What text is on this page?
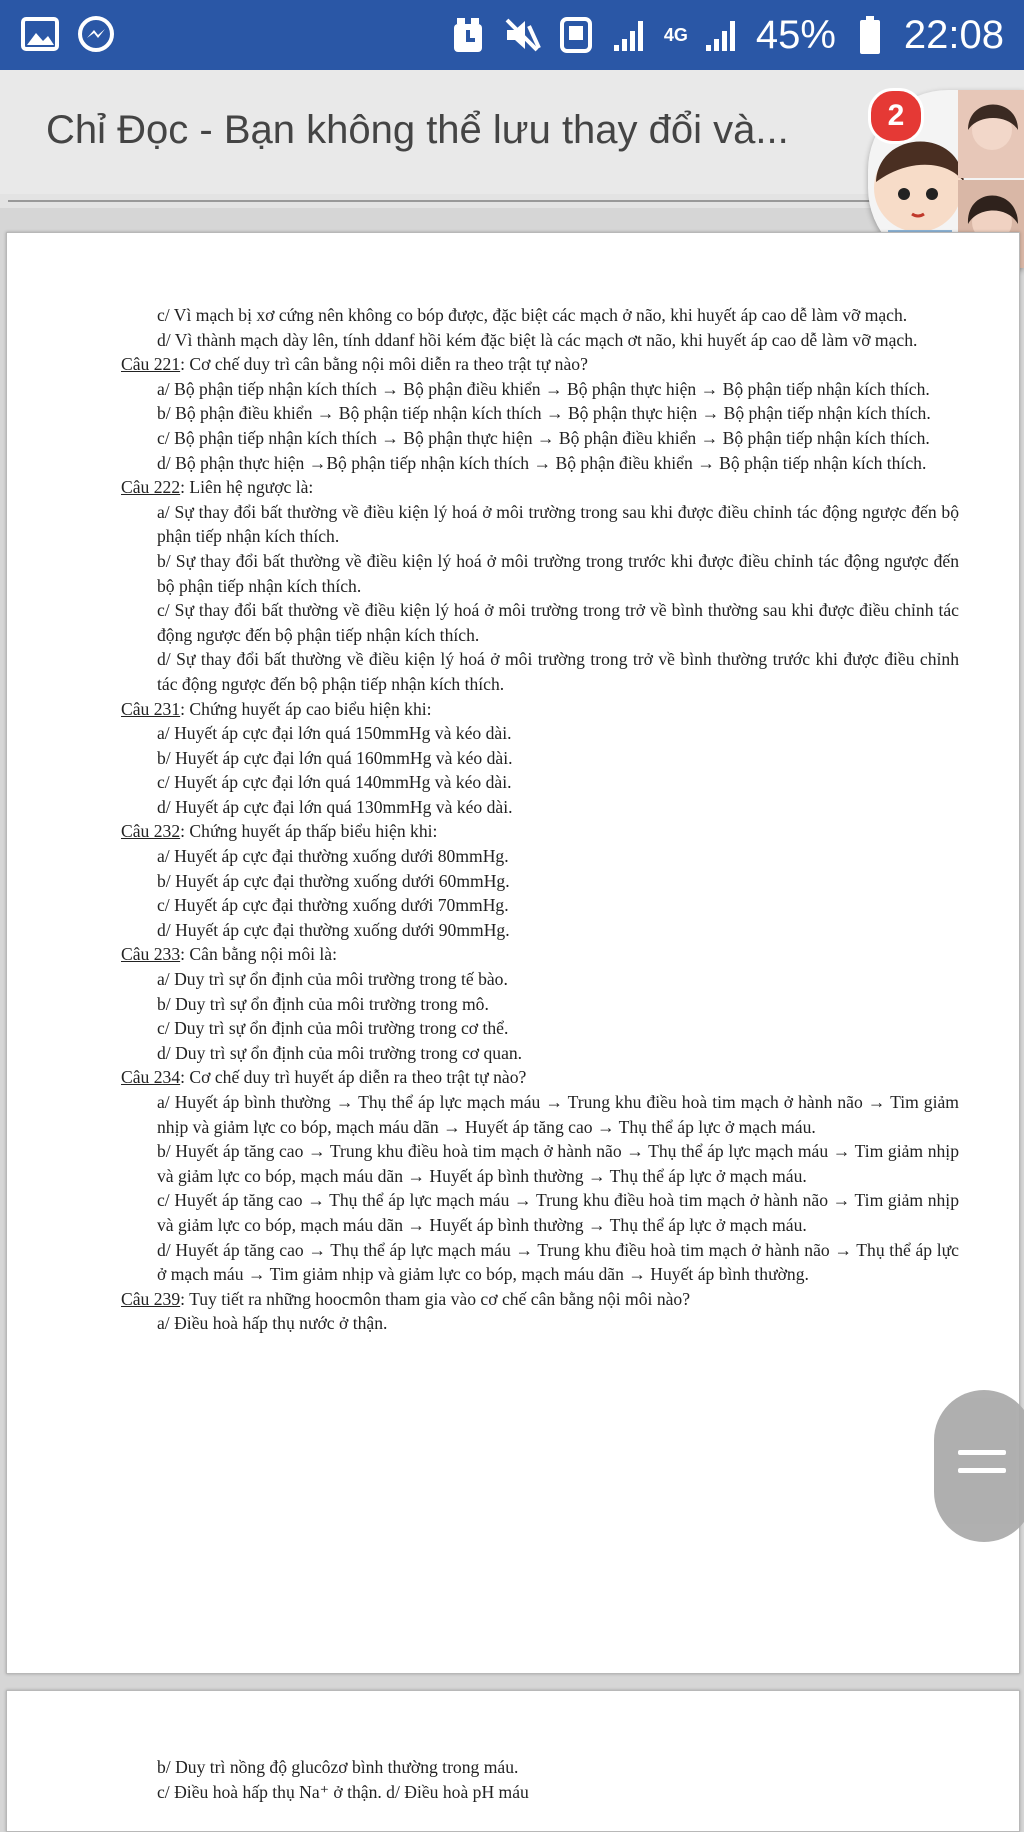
4G 45% 22:08
Chỉ Đọc - Bạn không thể lưu thay đổi và...	2

c/ Vì mạch bị xơ cứng nên không co bóp được, đặc biệt các mạch ở não, khi huyết áp cao dễ làm vỡ mạch.

d/ Vì thành mạch dày lên, tính ddanf hồi kém đặc biệt là các mạch ơt não, khi huyết áp cao dễ làm vỡ mạch.

Câu 221: Cơ chế duy trì cân bằng nội môi diễn ra theo trật tự nào?

a/ Bộ phận tiếp nhận kích thích → Bộ phận điều khiển → Bộ phận thực hiện → Bộ phận tiếp nhận kích thích.

b/ Bộ phận điều khiển → Bộ phận tiếp nhận kích thích → Bộ phận thực hiện → Bộ phận tiếp nhận kích thích.

c/ Bộ phận tiếp nhận kích thích → Bộ phận thực hiện → Bộ phận điều khiển → Bộ phận tiếp nhận kích thích.

d/ Bộ phận thực hiện →Bộ phận tiếp nhận kích thích → Bộ phận điều khiển → Bộ phận tiếp nhận kích thích.

Câu 222: Liên hệ ngược là:

a/ Sự thay đổi bất thường về điều kiện lý hoá ở môi trường trong sau khi được điều chỉnh tác động ngược đến bộ phận tiếp nhận kích thích.

b/ Sự thay đổi bất thường về điều kiện lý hoá ở môi trường trong trước khi được điều chỉnh tác động ngược đến bộ phận tiếp nhận kích thích.

c/ Sự thay đổi bất thường về điều kiện lý hoá ở môi trường trong trở về bình thường sau khi được điều chỉnh tác động ngược đến bộ phận tiếp nhận kích thích.

d/ Sự thay đổi bất thường về điều kiện lý hoá ở môi trường trong trở về bình thường trước khi được điều chỉnh tác động ngược đến bộ phận tiếp nhận kích thích.

Câu 231: Chứng huyết áp cao biểu hiện khi:

a/ Huyết áp cực đại lớn quá 150mmHg và kéo dài.

b/ Huyết áp cực đại lớn quá 160mmHg và kéo dài.

c/ Huyết áp cực đại lớn quá 140mmHg và kéo dài.

d/ Huyết áp cực đại lớn quá 130mmHg và kéo dài.

Câu 232: Chứng huyết áp thấp biểu hiện khi:

a/ Huyết áp cực đại thường xuống dưới 80mmHg.

b/ Huyết áp cực đại thường xuống dưới 60mmHg.

c/ Huyết áp cực đại thường xuống dưới 70mmHg.

d/ Huyết áp cực đại thường xuống dưới 90mmHg.

Câu 233: Cân bằng nội môi là:

a/ Duy trì sự ổn định của môi trường trong tế bào.

b/ Duy trì sự ổn định của môi trường trong mô.

c/ Duy trì sự ổn định của môi trường trong cơ thể.

d/ Duy trì sự ổn định của môi trường trong cơ quan.

Câu 234: Cơ chế duy trì huyết áp diễn ra theo trật tự nào?

a/ Huyết áp bình thường → Thụ thể áp lực mạch máu → Trung khu điều hoà tim mạch ở hành não → Tim giảm nhịp và giảm lực co bóp, mạch máu dãn → Huyết áp tăng cao → Thụ thể áp lực ở mạch máu.

b/ Huyết áp tăng cao → Trung khu điều hoà tim mạch ở hành não → Thụ thể áp lực mạch máu → Tim giảm nhịp và giảm lực co bóp, mạch máu dãn → Huyết áp bình thường → Thụ thể áp lực ở mạch máu.

c/ Huyết áp tăng cao → Thụ thể áp lực mạch máu → Trung khu điều hoà tim mạch ở hành não → Tim giảm nhịp và giảm lực co bóp, mạch máu dãn → Huyết áp bình thường → Thụ thể áp lực ở mạch máu.

d/ Huyết áp tăng cao → Thụ thể áp lực mạch máu → Trung khu điều hoà tim mạch ở hành não → Thụ thể áp lực ở mạch máu → Tim giảm nhịp và giảm lực co bóp, mạch máu dãn → Huyết áp bình thường.

Câu 239: Tuy tiết ra những hoocmôn tham gia vào cơ chế cân bằng nội môi nào?

a/ Điều hoà hấp thụ nước ở thận.

b/ Duy trì nồng độ glucôzơ bình thường trong máu.

c/ Điều hoà hấp thụ Na⁺ ở thận. d/ Điều hoà pH máu
